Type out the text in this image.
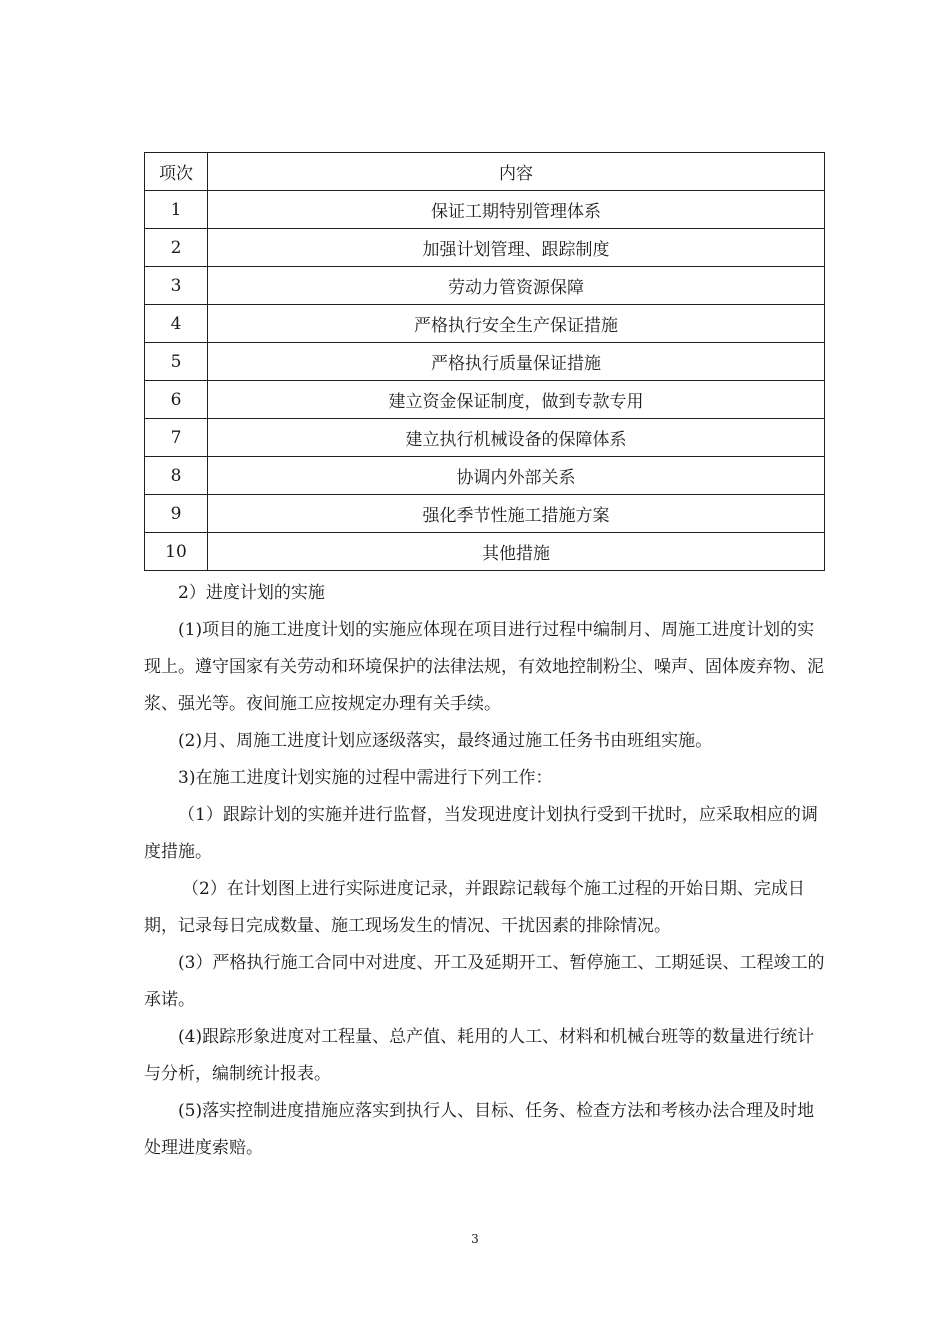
项次	内容
1	保证工期特别管理体系
2	加强计划管理、跟踪制度
3	劳动力管资源保障
4	严格执行安全生产保证措施
5	严格执行质量保证措施
6	建立资金保证制度，做到专款专用
7	建立执行机械设备的保障体系
8	协调内外部关系
9	强化季节性施工措施方案
10	其他措施

2）进度计划的实施

(1)项目的施工进度计划的实施应体现在项目进行过程中编制月、周施工进度计划的实现上。遵守国家有关劳动和环境保护的法律法规，有效地控制粉尘、噪声、固体废弃物、泥浆、强光等。夜间施工应按规定办理有关手续。

(2)月、周施工进度计划应逐级落实，最终通过施工任务书由班组实施。

3)在施工进度计划实施的过程中需进行下列工作：

（1）跟踪计划的实施并进行监督，当发现进度计划执行受到干扰时，应采取相应的调度措施。

（2）在计划图上进行实际进度记录，并跟踪记载每个施工过程的开始日期、完成日期，记录每日完成数量、施工现场发生的情况、干扰因素的排除情况。

(3）严格执行施工合同中对进度、开工及延期开工、暂停施工、工期延误、工程竣工的承诺。

(4)跟踪形象进度对工程量、总产值、耗用的人工、材料和机械台班等的数量进行统计与分析，编制统计报表。

(5)落实控制进度措施应落实到执行人、目标、任务、检查方法和考核办法合理及时地处理进度索赔。

3
